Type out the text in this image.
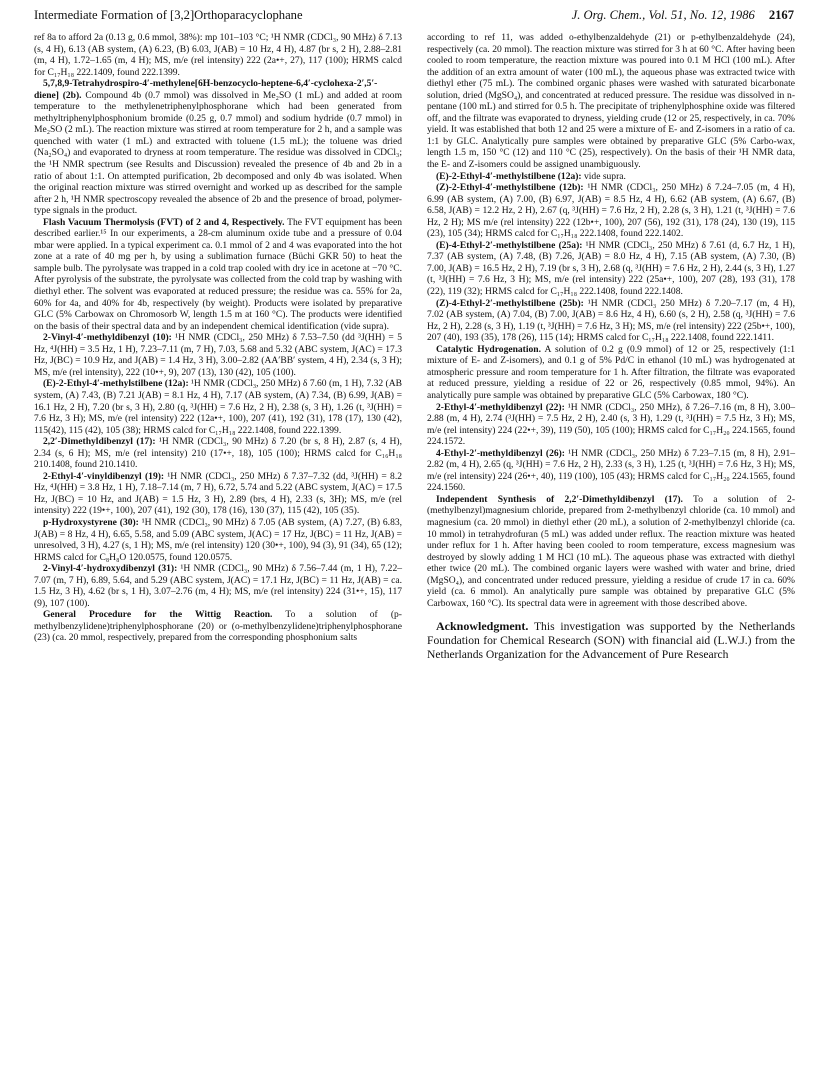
Intermediate Formation of [3,2]Orthoparacyclophane	J. Org. Chem., Vol. 51, No. 12, 1986 2167

ref 8a to afford 2a (0.13 g, 0.6 mmol, 38%): mp 101–103 °C; ¹H NMR (CDCl₃, 90 MHz) δ 7.13 (s, 4 H), 6.13 (AB system, (A) 6.23, (B) 6.03, J(AB) = 10 Hz, 4 H), 4.87 (br s, 2 H), 2.88–2.81 (m, 4 H), 1.72–1.65 (m, 4 H); MS, m/e (rel intensity) 222 (2a•+, 27), 117 (100); HRMS calcd for C₁₇H₁₈ 222.1409, found 222.1399.

5,7,8,9-Tetrahydrospiro-4′-methylene[6H-benzocyclo-heptene-6,4′-cyclohexa-2′,5′-diene] (2b). Compound 4b (0.7 mmol) was dissolved in Me₂SO (1 mL) and added at room temperature to the methylenetriphenylphosphorane which had been generated from methyltriphenylphosphonium bromide (0.25 g, 0.7 mmol) and sodium hydride (0.7 mmol) in Me₂SO (2 mL). The reaction mixture was stirred at room temperature for 2 h, and a sample was quenched with water (1 mL) and extracted with toluene (1.5 mL); the toluene was dried (Na₂SO₄) and evaporated to dryness at room temperature. The residue was dissolved in CDCl₃; the ¹H NMR spectrum (see Results and Discussion) revealed the presence of 4b and 2b in a ratio of about 1:1. On attempted purification, 2b decomposed and only 4b was isolated. When the original reaction mixture was stirred overnight and worked up as described for the sample after 2 h, ¹H NMR spectroscopy revealed the absence of 2b and the presence of broad, polymer-type signals in the product.

Flash Vacuum Thermolysis (FVT) of 2 and 4, Respectively. The FVT equipment has been described earlier.¹⁵ In our experiments, a 28-cm aluminum oxide tube and a pressure of 0.04 mbar were applied. In a typical experiment ca. 0.1 mmol of 2 and 4 was evaporated into the hot zone at a rate of 40 mg per h, by using a sublimation furnace (Büchi GKR 50) to heat the sample bulb. The pyrolysate was trapped in a cold trap cooled with dry ice in acetone at −70 °C. After pyrolysis of the substrate, the pyrolysate was collected from the cold trap by washing with diethyl ether. The solvent was evaporated at reduced pressure; the residue was ca. 55% for 2a, 60% for 4a, and 40% for 4b, respectively (by weight). Products were isolated by preparative GLC (5% Carbowax on Chromosorb W, length 1.5 m at 160 °C). The products were identified on the basis of their spectral data and by an independent chemical identification (vide supra).

2-Vinyl-4′-methyldibenzyl (10): ¹H NMR (CDCl₃, 250 MHz) δ 7.53–7.50 (dd ³J(HH) = 5 Hz, ⁴J(HH) = 3.5 Hz, 1 H), 7.23–7.11 (m, 7 H), 7.03, 5.68 and 5.32 (ABC system, J(AC) = 17.3 Hz, J(BC) = 10.9 Hz, and J(AB) = 1.4 Hz, 3 H), 3.00–2.82 (AA′BB′ system, 4 H), 2.34 (s, 3 H); MS, m/e (rel intensity), 222 (10•+, 9), 207 (13), 130 (42), 105 (100).

(E)-2-Ethyl-4′-methylstilbene (12a): ¹H NMR (CDCl₃, 250 MHz) δ 7.60 (m, 1 H), 7.32 (AB system, (A) 7.43, (B) 7.21 J(AB) = 8.1 Hz, 4 H), 7.17 (AB system, (A) 7.34, (B) 6.99, J(AB) = 16.1 Hz, 2 H), 7.20 (br s, 3 H), 2.80 (q, ³J(HH) = 7.6 Hz, 2 H), 2.38 (s, 3 H), 1.26 (t, ³J(HH) = 7.6 Hz, 3 H); MS, m/e (rel intensity) 222 (12a•+, 100), 207 (41), 192 (31), 178 (17), 130 (42), 115(42), 115 (42), 105 (38); HRMS calcd for C₁₇H₁₈ 222.1408, found 222.1399.

2,2′-Dimethyldibenzyl (17): ¹H NMR (CDCl₃, 90 MHz) δ 7.20 (br s, 8 H), 2.87 (s, 4 H), 2.34 (s, 6 H); MS, m/e (rel intensity) 210 (17•+, 18), 105 (100); HRMS calcd for C₁₆H₁₈ 210.1408, found 210.1410.

2-Ethyl-4′-vinyldibenzyl (19): ¹H NMR (CDCl₃, 250 MHz) δ 7.37–7.32 (dd, ³J(HH) = 8.2 Hz, ⁴J(HH) = 3.8 Hz, 1 H), 7.18–7.14 (m, 7 H), 6.72, 5.74 and 5.22 (ABC system, J(AC) = 17.5 Hz, J(BC) = 10 Hz, and J(AB) = 1.5 Hz, 3 H), 2.89 (brs, 4 H), 2.33 (s, 3H); MS, m/e (rel intensity) 222 (19•+, 100), 207 (41), 192 (30), 178 (16), 130 (37), 115 (42), 105 (35).

p-Hydroxystyrene (30): ¹H NMR (CDCl₃, 90 MHz) δ 7.05 (AB system, (A) 7.27, (B) 6.83, J(AB) = 8 Hz, 4 H), 6.65, 5.58, and 5.09 (ABC system, J(AC) = 17 Hz, J(BC) = 11 Hz, J(AB) = unresolved, 3 H), 4.27 (s, 1 H); MS, m/e (rel intensity) 120 (30•+, 100), 94 (3), 91 (34), 65 (12); HRMS calcd for C₈H₈O 120.0575, found 120.0575.

2-Vinyl-4′-hydroxydibenzyl (31): ¹H NMR (CDCl₃, 90 MHz) δ 7.56–7.44 (m, 1 H), 7.22–7.07 (m, 7 H), 6.89, 5.64, and 5.29 (ABC system, J(AC) = 17.1 Hz, J(BC) = 11 Hz, J(AB) = ca. 1.5 Hz, 3 H), 4.62 (br s, 1 H), 3.07–2.76 (m, 4 H); MS, m/e (rel intensity) 224 (31•+, 15), 117 (9), 107 (100).

General Procedure for the Wittig Reaction. To a solution of (p-methylbenzylidene)triphenylphosphorane (20) or (o-methylbenzylidene)triphenylphosphorane (23) (ca. 20 mmol, respectively, prepared from the corresponding phosphonium salts

according to ref 11, was added o-ethylbenzaldehyde (21) or p-ethylbenzaldehyde (24), respectively (ca. 20 mmol). The reaction mixture was stirred for 3 h at 60 °C. After having been cooled to room temperature, the reaction mixture was poured into 0.1 M HCl (100 mL). After the addition of an extra amount of water (100 mL), the aqueous phase was extracted twice with diethyl ether (75 mL). The combined organic phases were washed with saturated bicarbonate solution, dried (MgSO₄), and concentrated at reduced pressure. The residue was dissolved in n-pentane (100 mL) and stirred for 0.5 h. The precipitate of triphenylphosphine oxide was filtered off, and the filtrate was evaporated to dryness, yielding crude (12 or 25, respectively, in ca. 70% yield. It was established that both 12 and 25 were a mixture of E- and Z-isomers in a ratio of ca. 1:1 by GLC. Analytically pure samples were obtained by preparative GLC (5% Carbo-wax, length 1.5 m, 150 °C (12) and 110 °C (25), respectively). On the basis of their ¹H NMR data, the E- and Z-isomers could be assigned unambiguously.

(E)-2-Ethyl-4′-methylstilbene (12a): vide supra.

(Z)-2-Ethyl-4′-methylstilbene (12b): ¹H NMR (CDCl₃, 250 MHz) δ 7.24–7.05 (m, 4 H), 6.99 (AB system, (A) 7.00, (B) 6.97, J(AB) = 8.5 Hz, 4 H), 6.62 (AB system, (A) 6.67, (B) 6.58, J(AB) = 12.2 Hz, 2 H), 2.67 (q, ³J(HH) = 7.6 Hz, 2 H), 2.28 (s, 3 H), 1.21 (t, ³J(HH) = 7.6 Hz, 2 H); MS m/e (rel intensity) 222 (12b•+, 100), 207 (56), 192 (31), 178 (24), 130 (19), 115 (23), 105 (34); HRMS calcd for C₁₇H₁₈ 222.1408, found 222.1402.

(E)-4-Ethyl-2′-methylstilbene (25a): ¹H NMR (CDCl₃, 250 MHz) δ 7.61 (d, 6.7 Hz, 1 H), 7.37 (AB system, (A) 7.48, (B) 7.26, J(AB) = 8.0 Hz, 4 H), 7.15 (AB system, (A) 7.30, (B) 7.00, J(AB) = 16.5 Hz, 2 H), 7.19 (br s, 3 H), 2.68 (q, ³J(HH) = 7.6 Hz, 2 H), 2.44 (s, 3 H), 1.27 (t, ³J(HH) = 7.6 Hz, 3 H); MS, m/e (rel intensity) 222 (25a•+, 100), 207 (28), 193 (31), 178 (22), 119 (32); HRMS calcd for C₁₇H₁₈ 222.1408, found 222.1408.

(Z)-4-Ethyl-2′-methylstilbene (25b): ¹H NMR (CDCl₃ 250 MHz) δ 7.20–7.17 (m, 4 H), 7.02 (AB system, (A) 7.04, (B) 7.00, J(AB) = 8.6 Hz, 4 H), 6.60 (s, 2 H), 2.58 (q, ³J(HH) = 7.6 Hz, 2 H), 2.28 (s, 3 H), 1.19 (t, ³J(HH) = 7.6 Hz, 3 H); MS, m/e (rel intensity) 222 (25b•+, 100), 207 (40), 193 (35), 178 (26), 115 (14); HRMS calcd for C₁₇H₁₈ 222.1408, found 222.1411.

Catalytic Hydrogenation. A solution of 0.2 g (0.9 mmol) of 12 or 25, respectively (1:1 mixture of E- and Z-isomers), and 0.1 g of 5% Pd/C in ethanol (10 mL) was hydrogenated at atmospheric pressure and room temperature for 1 h. After filtration, the filtrate was evaporated at reduced pressure, yielding a residue of 22 or 26, respectively (0.85 mmol, 94%). An analytically pure sample was obtained by preparative GLC (5% Carbowax, 180 °C).

2-Ethyl-4′-methyldibenzyl (22): ¹H NMR (CDCl₃, 250 MHz), δ 7.26–7.16 (m, 8 H), 3.00–2.88 (m, 4 H), 2.74 (³J(HH) = 7.5 Hz, 2 H), 2.40 (s, 3 H), 1.29 (t, ³J(HH) = 7.5 Hz, 3 H); MS, m/e (rel intensity) 224 (22•+, 39), 119 (50), 105 (100); HRMS calcd for C₁₇H₂₀ 224.1565, found 224.1572.

4-Ethyl-2′-methyldibenzyl (26): ¹H NMR (CDCl₃, 250 MHz) δ 7.23–7.15 (m, 8 H), 2.91–2.82 (m, 4 H), 2.65 (q, ³J(HH) = 7.6 Hz, 2 H), 2.33 (s, 3 H), 1.25 (t, ³J(HH) = 7.6 Hz, 3 H); MS, m/e (rel intensity) 224 (26•+, 40), 119 (100), 105 (43); HRMS calcd for C₁₇H₂₀ 224.1565, found 224.1560.

Independent Synthesis of 2,2′-Dimethyldibenzyl (17). To a solution of 2-(methylbenzyl)magnesium chloride, prepared from 2-methylbenzyl chloride (ca. 10 mmol) and magnesium (ca. 20 mmol) in diethyl ether (20 mL), a solution of 2-methylbenzyl chloride (ca. 10 mmol) in tetrahydrofuran (5 mL) was added under reflux. The reaction mixture was heated under reflux for 1 h. After having been cooled to room temperature, excess magnesium was destroyed by slowly adding 1 M HCl (10 mL). The aqueous phase was extracted with diethyl ether twice (20 mL). The combined organic layers were washed with water and brine, dried (MgSO₄), and concentrated under reduced pressure, yielding a residue of crude 17 in ca. 60% yield (ca. 6 mmol). An analytically pure sample was obtained by preparative GLC (5% Carbowax, 160 °C). Its spectral data were in agreement with those described above.

Acknowledgment. This investigation was supported by the Netherlands Foundation for Chemical Research (SON) with financial aid (L.W.J.) from the Netherlands Organization for the Advancement of Pure Research
